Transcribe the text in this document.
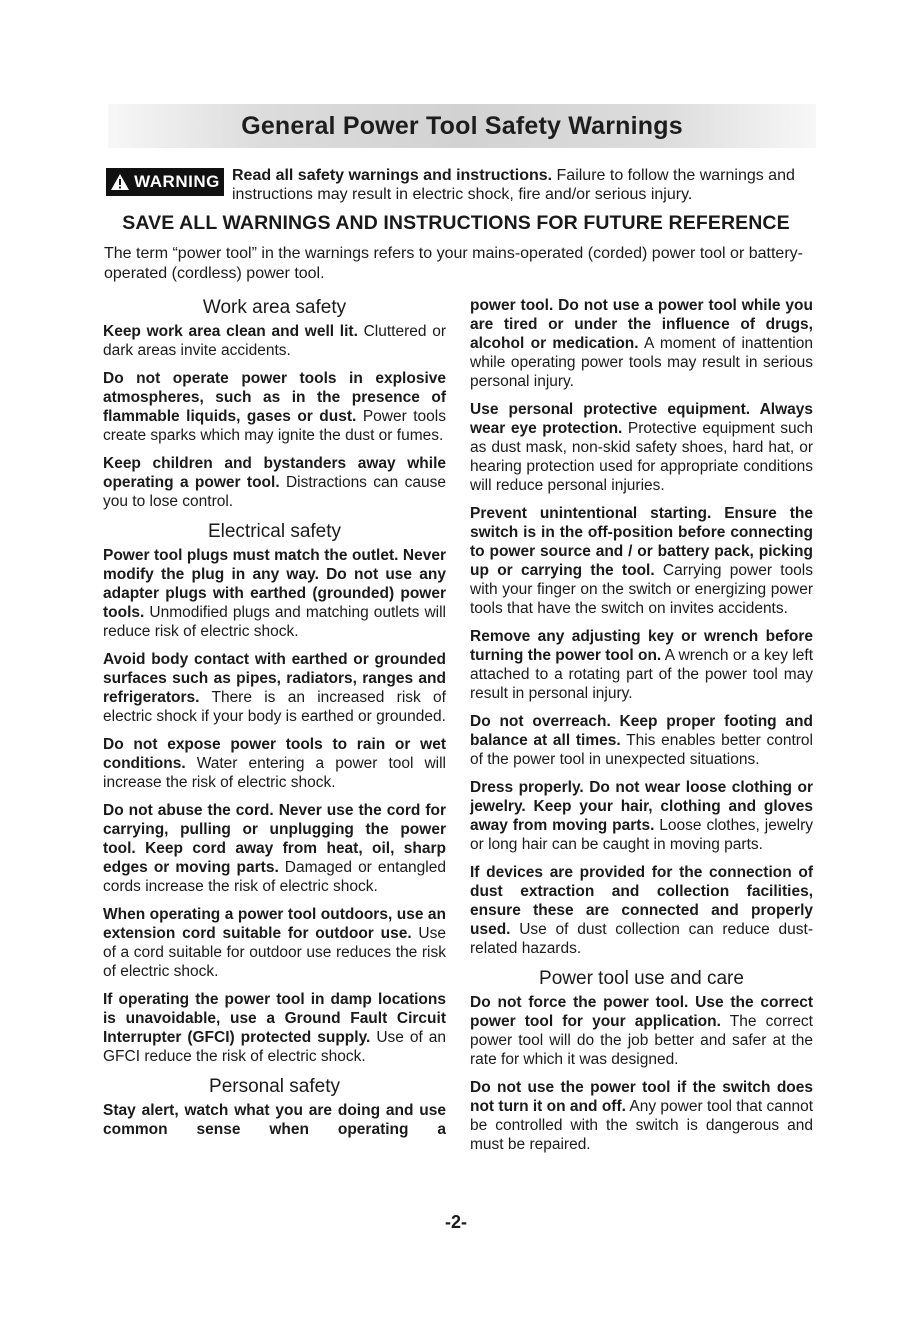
General Power Tool Safety Warnings
WARNING Read all safety warnings and instructions. Failure to follow the warnings and instructions may result in electric shock, fire and/or serious injury.
SAVE ALL WARNINGS AND INSTRUCTIONS FOR FUTURE REFERENCE
The term “power tool” in the warnings refers to your mains-operated (corded) power tool or battery-operated (cordless) power tool.
Work area safety

Keep work area clean and well lit. Cluttered or dark areas invite accidents.

Do not operate power tools in explosive atmospheres, such as in the presence of flammable liquids, gases or dust. Power tools create sparks which may ignite the dust or fumes.

Keep children and bystanders away while operating a power tool. Distractions can cause you to lose control.

Electrical safety

Power tool plugs must match the outlet. Never modify the plug in any way. Do not use any adapter plugs with earthed (grounded) power tools. Unmodified plugs and matching outlets will reduce risk of electric shock.

Avoid body contact with earthed or grounded surfaces such as pipes, radiators, ranges and refrigerators. There is an increased risk of electric shock if your body is earthed or grounded.

Do not expose power tools to rain or wet conditions. Water entering a power tool will increase the risk of electric shock.

Do not abuse the cord. Never use the cord for carrying, pulling or unplugging the power tool. Keep cord away from heat, oil, sharp edges or moving parts. Damaged or entangled cords increase the risk of electric shock.

When operating a power tool outdoors, use an extension cord suitable for outdoor use. Use of a cord suitable for outdoor use reduces the risk of electric shock.

If operating the power tool in damp locations is unavoidable, use a Ground Fault Circuit Interrupter (GFCI) protected supply. Use of an GFCI reduce the risk of electric shock.

Personal safety

Stay alert, watch what you are doing and use common sense when operating a

power tool. Do not use a power tool while you are tired or under the influence of drugs, alcohol or medication. A moment of inattention while operating power tools may result in serious personal injury.

Use personal protective equipment. Always wear eye protection. Protective equipment such as dust mask, non-skid safety shoes, hard hat, or hearing protection used for appropriate conditions will reduce personal injuries.

Prevent unintentional starting. Ensure the switch is in the off-position before connecting to power source and / or battery pack, picking up or carrying the tool. Carrying power tools with your finger on the switch or energizing power tools that have the switch on invites accidents.

Remove any adjusting key or wrench before turning the power tool on. A wrench or a key left attached to a rotating part of the power tool may result in personal injury.

Do not overreach. Keep proper footing and balance at all times. This enables better control of the power tool in unexpected situations.

Dress properly. Do not wear loose clothing or jewelry. Keep your hair, clothing and gloves away from moving parts. Loose clothes, jewelry or long hair can be caught in moving parts.

If devices are provided for the connection of dust extraction and collection facilities, ensure these are connected and properly used. Use of dust collection can reduce dust-related hazards.

Power tool use and care

Do not force the power tool. Use the correct power tool for your application. The correct power tool will do the job better and safer at the rate for which it was designed.

Do not use the power tool if the switch does not turn it on and off. Any power tool that cannot be controlled with the switch is dangerous and must be repaired.

-2-
